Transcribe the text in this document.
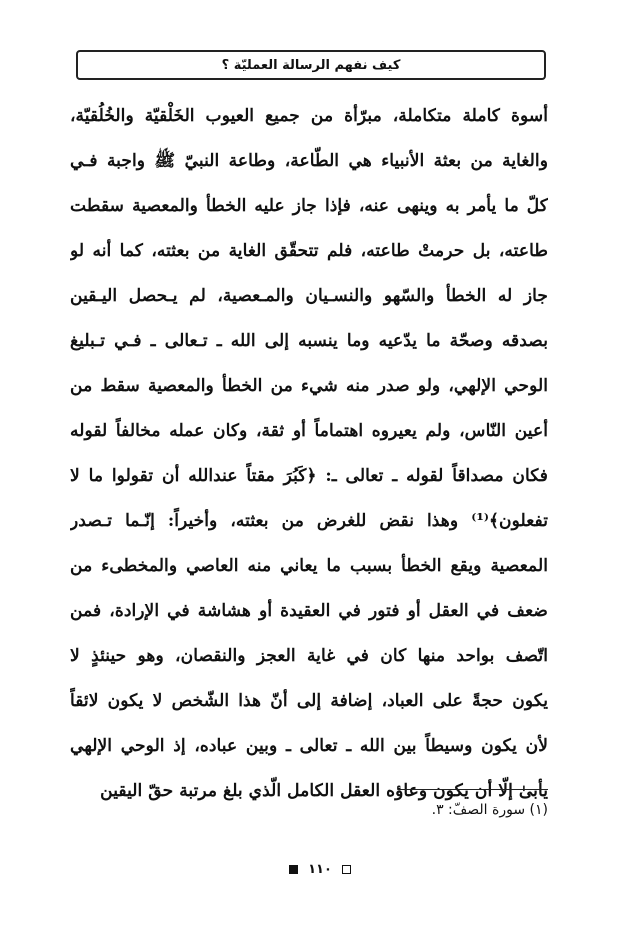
كيف نفهم الرسالة العمليّة ؟
أسوة كاملة متكاملة، مبرّأة من جميع العيوب الخَلْقيّة والخُلُقيّة،
والغاية من بعثة الأنبياء هي الطّاعة، وطاعة النبيّ ﷺ واجبة فـي
كلّ ما يأمر به وينهى عنه، فإذا جاز عليه الخطأ والمعصية سقطت
طاعته، بل حرمتْ طاعته، فلم تتحقّق الغاية من بعثته، كما أنه لو
جاز له الخطأ والسّهو والنسـيان والمـعصية، لم يـحصل اليـقين
بصدقه وصحّة ما يدّعيه وما ينسبه إلى الله ـ تـعالى ـ فـي تـبليغ
الوحي الإلهي، ولو صدر منه شيء من الخطأ والمعصية سقط من
أعين النّاس، ولم يعيروه اهتماماً أو ثقة، وكان عمله مخالفاً لقوله
فكان مصداقاً لقوله ـ تعالى ـ: ﴿كَبُرَ مقتاً عندالله أن تقولوا ما لا
تفعلون﴾⁽¹⁾ وهذا نقض للغرض من بعثته، وأخيراً: إنّـما تـصدر
المعصية ويقع الخطأ بسبب ما يعاني منه العاصي والمخطىء من
ضعف في العقل أو فتور في العقيدة أو هشاشة في الإرادة، فمن
اتّصف بواحد منها كان في غاية العجز والنقصان، وهو حينئذٍ لا
يكون حجةً على العباد، إضافة إلى أنّ هذا الشّخص لا يكون لائقاً
لأن يكون وسيطاً بين الله ـ تعالى ـ وبين عباده، إذ الوحي الإلهي
يأبىٰ إلّا أن يكون وعاؤه العقل الكامل الّذي بلغ مرتبة حقّ اليقين
(١) سورة الصفّ: ٣.
١١٠
